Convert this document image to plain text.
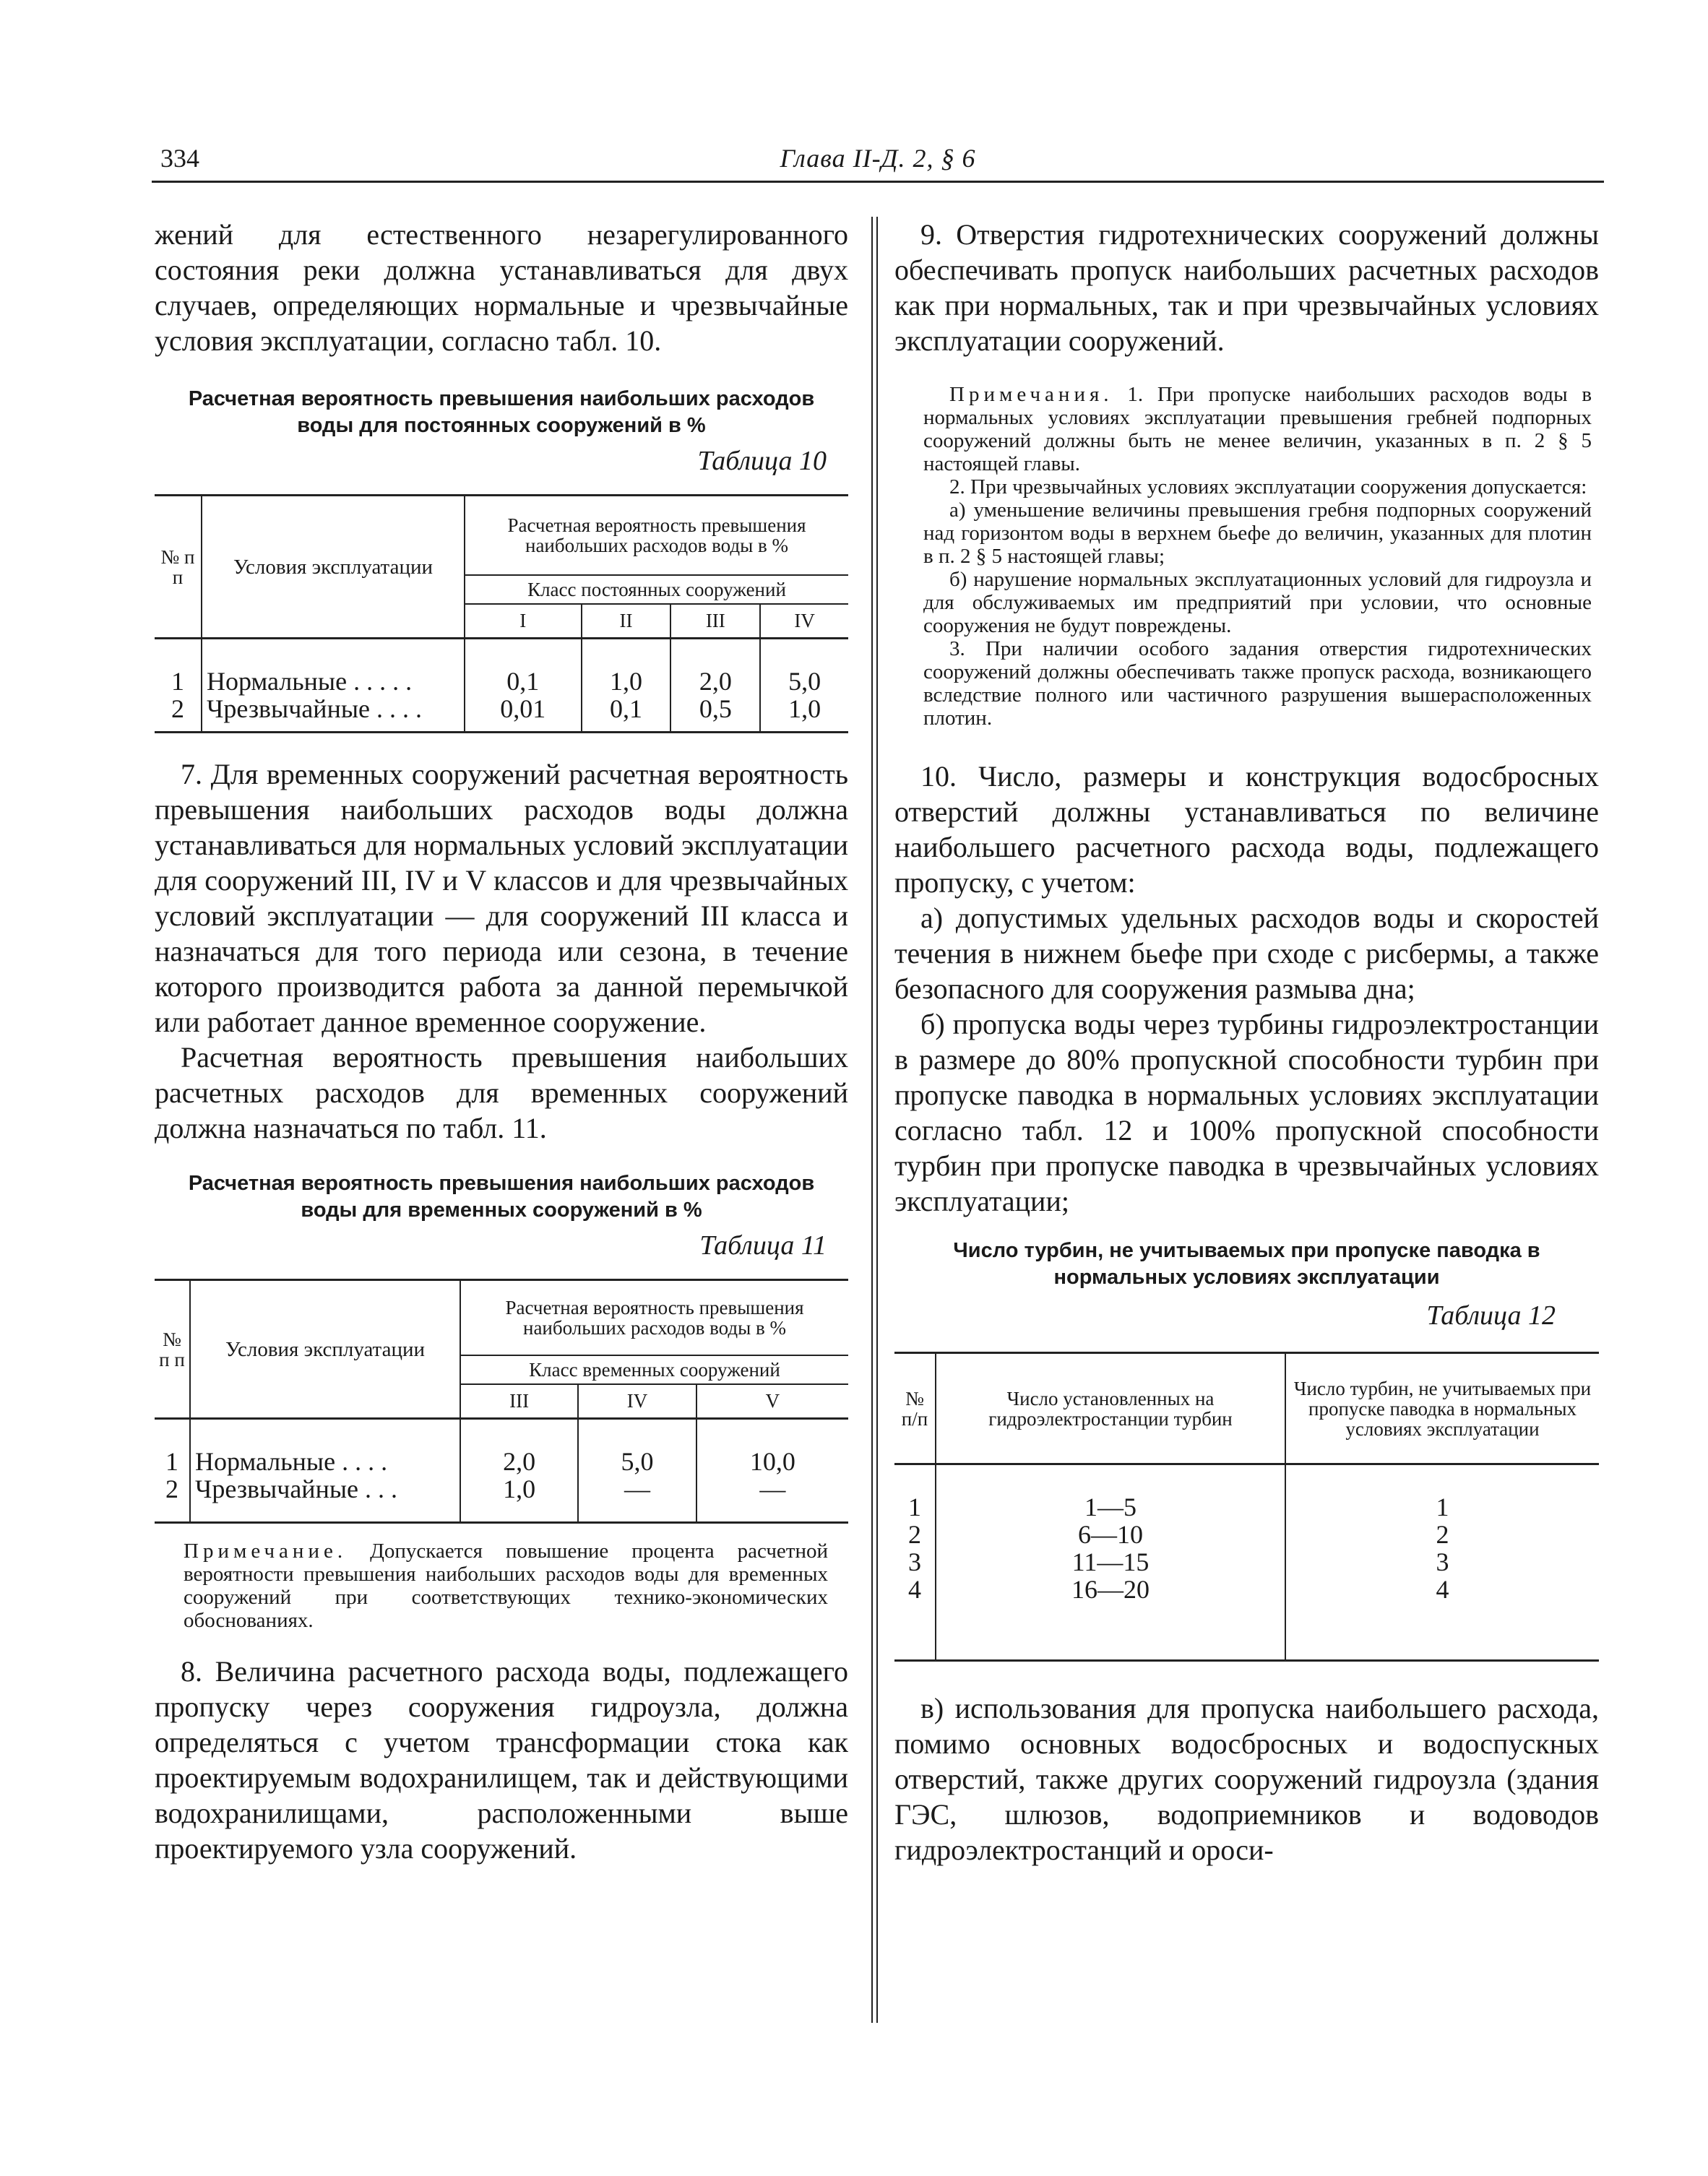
334	Глава II-Д. 2, § 6

жений для естественного незарегулированного состояния реки должна устанавливаться для двух случаев, определяющих нормальные и чрезвычайные условия эксплуатации, согласно табл. 10.

Расчетная вероятность превышения наибольших расходов воды для постоянных сооружений в %

Таблица 10

№ п п	Условия эксплуатации	Расчетная вероятность превышения наибольших расходов воды в %			
		Класс постоянных сооружений			
		I	II	III	IV

1	Нормальные . . . . .	0,1	1,0	2,0	5,0
2	Чрезвычайные . . . .	0,01	0,1	0,5	1,0

7. Для временных сооружений расчетная вероятность превышения наибольших расходов воды должна устанавливаться для нормальных условий эксплуатации для сооружений III, IV и V классов и для чрезвычайных условий эксплуатации — для сооружений III класса и назначаться для того периода или сезона, в течение которого производится работа за данной перемычкой или работает данное временное сооружение.

Расчетная вероятность превышения наибольших расчетных расходов для временных сооружений должна назначаться по табл. 11.

Расчетная вероятность превышения наибольших расходов воды для временных сооружений в %

Таблица 11

№ п п	Условия эксплуатации	Расчетная вероятность превышения наибольших расходов воды в %		
		Класс временных сооружений		
		III	IV	V

1	Нормальные . . . .	2,0	5,0	10,0
2	Чрезвычайные . . .	1,0	—	—

Примечание. Допускается повышение процента расчетной вероятности превышения наибольших расходов воды для временных сооружений при соответствующих технико-экономических обоснованиях.

8. Величина расчетного расхода воды, подлежащего пропуску через сооружения гидроузла, должна определяться с учетом трансформации стока как проектируемым водохранилищем, так и действующими водохранилищами, расположенными выше проектируемого узла сооружений.

9. Отверстия гидротехнических сооружений должны обеспечивать пропуск наибольших расчетных расходов как при нормальных, так и при чрезвычайных условиях эксплуатации сооружений.

Примечания. 1. При пропуске наибольших расходов воды в нормальных условиях эксплуатации превышения гребней подпорных сооружений должны быть не менее величин, указанных в п. 2 § 5 настоящей главы.

2. При чрезвычайных условиях эксплуатации сооружения допускается:

а) уменьшение величины превышения гребня подпорных сооружений над горизонтом воды в верхнем бьефе до величин, указанных для плотин в п. 2 § 5 настоящей главы;

б) нарушение нормальных эксплуатационных условий для гидроузла и для обслуживаемых им предприятий при условии, что основные сооружения не будут повреждены.

3. При наличии особого задания отверстия гидротехнических сооружений должны обеспечивать также пропуск расхода, возникающего вследствие полного или частичного разрушения вышерасположенных плотин.

10. Число, размеры и конструкция водосбросных отверстий должны устанавливаться по величине наибольшего расчетного расхода воды, подлежащего пропуску, с учетом:

а) допустимых удельных расходов воды и скоростей течения в нижнем бьефе при сходе с рисбермы, а также безопасного для сооружения размыва дна;

б) пропуска воды через турбины гидроэлектростанции в размере до 80% пропускной способности турбин при пропуске паводка в нормальных условиях эксплуатации согласно табл. 12 и 100% пропускной способности турбин при пропуске паводка в чрезвычайных условиях эксплуатации;

Число турбин, не учитываемых при пропуске паводка в нормальных условиях эксплуатации

Таблица 12

№ п/п	Число установленных на гидроэлектростанции турбин	Число турбин, не учитываемых при пропуске паводка в нормальных условиях эксплуатации

1	1—5	1
2	6—10	2
3	11—15	3
4	16—20	4

в) использования для пропуска наибольшего расхода, помимо основных водосбросных и водоспускных отверстий, также других сооружений гидроузла (здания ГЭС, шлюзов, водоприемников и водоводов гидроэлектростанций и ороси-
